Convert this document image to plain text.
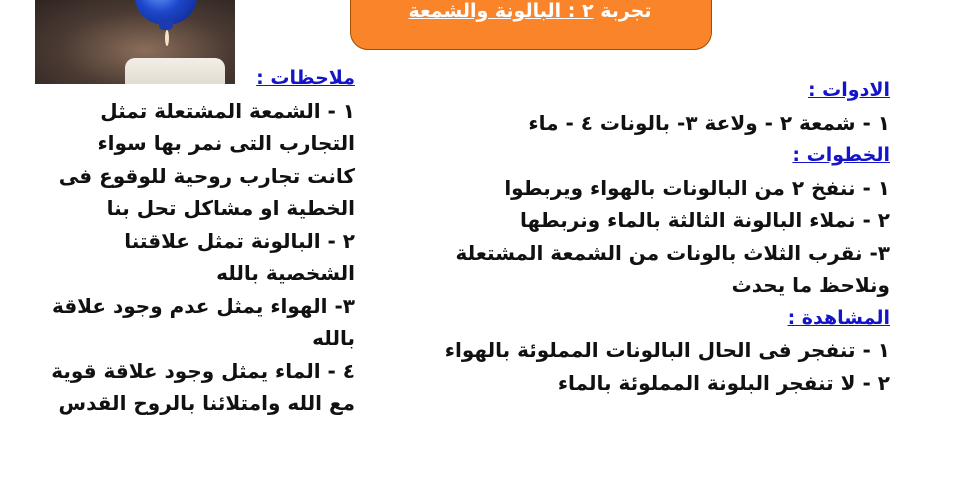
تجربة ٢ : البالونة والشمعة
ملاحظات :
١ - الشمعة المشتعلة تمثل
التجارب التى نمر بها سواء
كانت تجارب روحية للوقوع فى
الخطية او مشاكل تحل بنا
٢ - البالونة تمثل علاقتنا
الشخصية بالله
٣- الهواء يمثل عدم وجود علاقة
بالله
٤ - الماء يمثل وجود علاقة قوية
مع الله وامتلائنا بالروح القدس
الادوات :
١ - شمعة ٢ - ولاعة ٣- بالونات ٤ - ماء
الخطوات :
١ - ننفخ ٢ من البالونات بالهواء ويربطوا
٢ - نملاء البالونة الثالثة بالماء ونربطها
٣- نقرب الثلاث بالونات من الشمعة المشتعلة
ونلاحظ ما يحدث
المشاهدة :
١ - تنفجر فى الحال البالونات المملوئة بالهواء
٢ - لا تنفجر البلونة المملوئة بالماء
